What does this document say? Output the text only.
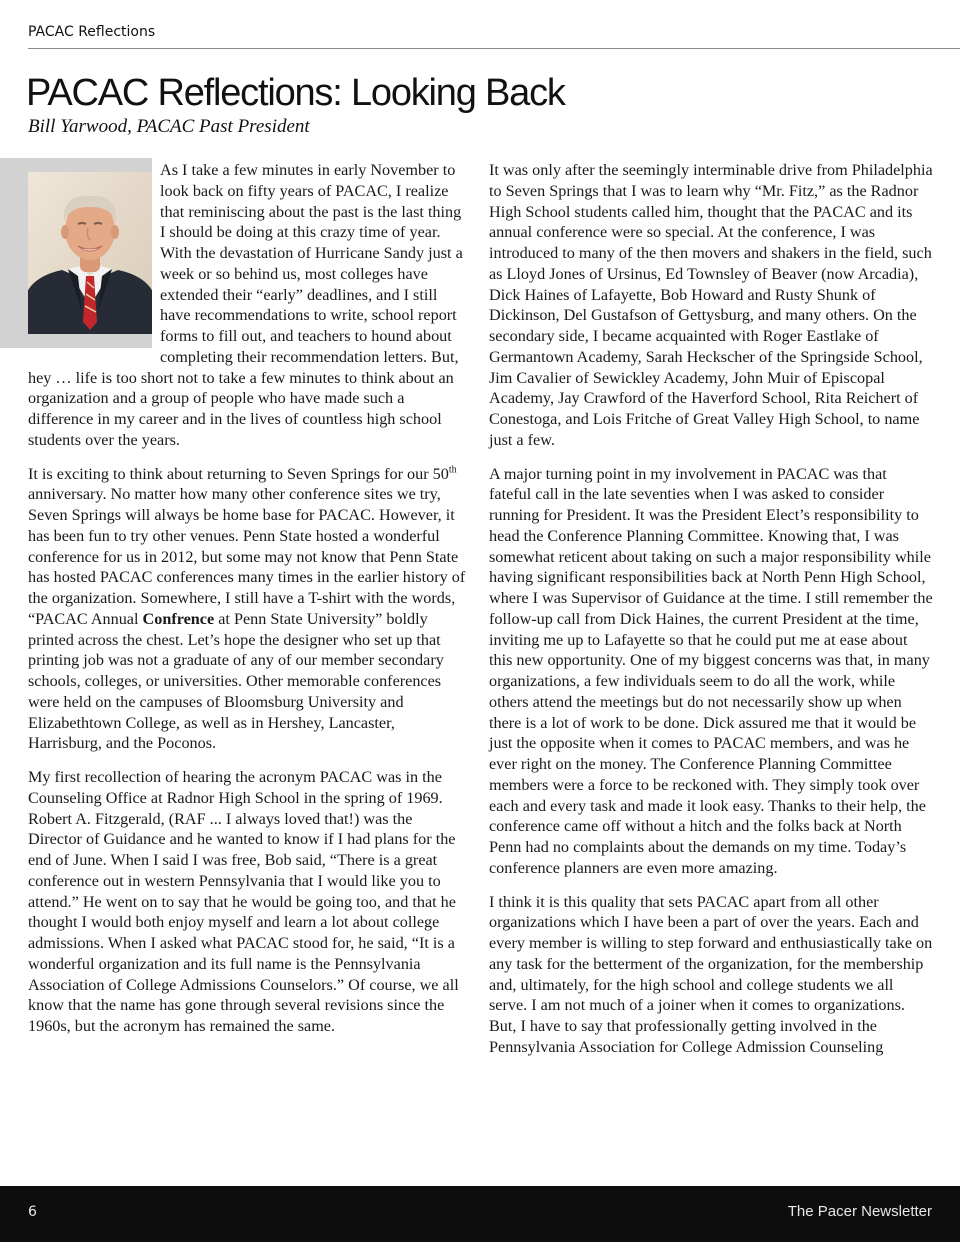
PACAC Reflections
PACAC Reflections: Looking Back
Bill Yarwood, PACAC Past President

As I take a few minutes in early November to look back on fifty years of PACAC, I realize that reminiscing about the past is the last thing I should be doing at this crazy time of year. With the devastation of Hurricane Sandy just a week or so behind us, most colleges have extended their “early” deadlines, and I still have recommendations to write, school report forms to fill out, and teachers to hound about completing their recommendation letters. But, hey … life is too short not to take a few minutes to think about an organization and a group of people who have made such a difference in my career and in the lives of countless high school students over the years.

It is exciting to think about returning to Seven Springs for our 50th anniversary. No matter how many other conference sites we try, Seven Springs will always be home base for PACAC. However, it has been fun to try other venues. Penn State hosted a wonderful conference for us in 2012, but some may not know that Penn State has hosted PACAC conferences many times in the earlier history of the organization. Somewhere, I still have a T-shirt with the words, “PACAC Annual Confrence at Penn State University” boldly printed across the chest. Let’s hope the designer who set up that printing job was not a graduate of any of our member secondary schools, colleges, or universities. Other memorable conferences were held on the campuses of Bloomsburg University and Elizabethtown College, as well as in Hershey, Lancaster, Harrisburg, and the Poconos.

My first recollection of hearing the acronym PACAC was in the Counseling Office at Radnor High School in the spring of 1969. Robert A. Fitzgerald, (RAF ... I always loved that!) was the Director of Guidance and he wanted to know if I had plans for the end of June. When I said I was free, Bob said, “There is a great conference out in western Pennsylvania that I would like you to attend.” He went on to say that he would be going too, and that he thought I would both enjoy myself and learn a lot about college admissions. When I asked what PACAC stood for, he said, “It is a wonderful organization and its full name is the Pennsylvania Association of College Admissions Counselors.” Of course, we all know that the name has gone through several revisions since the 1960s, but the acronym has remained the same.

It was only after the seemingly interminable drive from Philadelphia to Seven Springs that I was to learn why “Mr. Fitz,” as the Radnor High School students called him, thought that the PACAC and its annual conference were so special. At the conference, I was introduced to many of the then movers and shakers in the field, such as Lloyd Jones of Ursinus, Ed Townsley of Beaver (now Arcadia), Dick Haines of Lafayette, Bob Howard and Rusty Shunk of Dickinson, Del Gustafson of Gettysburg, and many others. On the secondary side, I became acquainted with Roger Eastlake of Germantown Academy, Sarah Heckscher of the Springside School, Jim Cavalier of Sewickley Academy, John Muir of Episcopal Academy, Jay Crawford of the Haverford School, Rita Reichert of Conestoga, and Lois Fritche of Great Valley High School, to name just a few.

A major turning point in my involvement in PACAC was that fateful call in the late seventies when I was asked to consider running for President. It was the President Elect’s responsibility to head the Conference Planning Committee. Knowing that, I was somewhat reticent about taking on such a major responsibility while having significant responsibilities back at North Penn High School, where I was Supervisor of Guidance at the time. I still remember the follow-up call from Dick Haines, the current President at the time, inviting me up to Lafayette so that he could put me at ease about this new opportunity. One of my biggest concerns was that, in many organizations, a few individuals seem to do all the work, while others attend the meetings but do not necessarily show up when there is a lot of work to be done. Dick assured me that it would be just the opposite when it comes to PACAC members, and was he ever right on the money. The Conference Planning Committee members were a force to be reckoned with. They simply took over each and every task and made it look easy. Thanks to their help, the conference came off without a hitch and the folks back at North Penn had no complaints about the demands on my time. Today’s conference planners are even more amazing.

I think it is this quality that sets PACAC apart from all other organizations which I have been a part of over the years. Each and every member is willing to step forward and enthusiastically take on any task for the betterment of the organization, for the membership and, ultimately, for the high school and college students we all serve. I am not much of a joiner when it comes to organizations. But, I have to say that professionally getting involved in the Pennsylvania Association for College Admission Counseling

6	The Pacer Newsletter
